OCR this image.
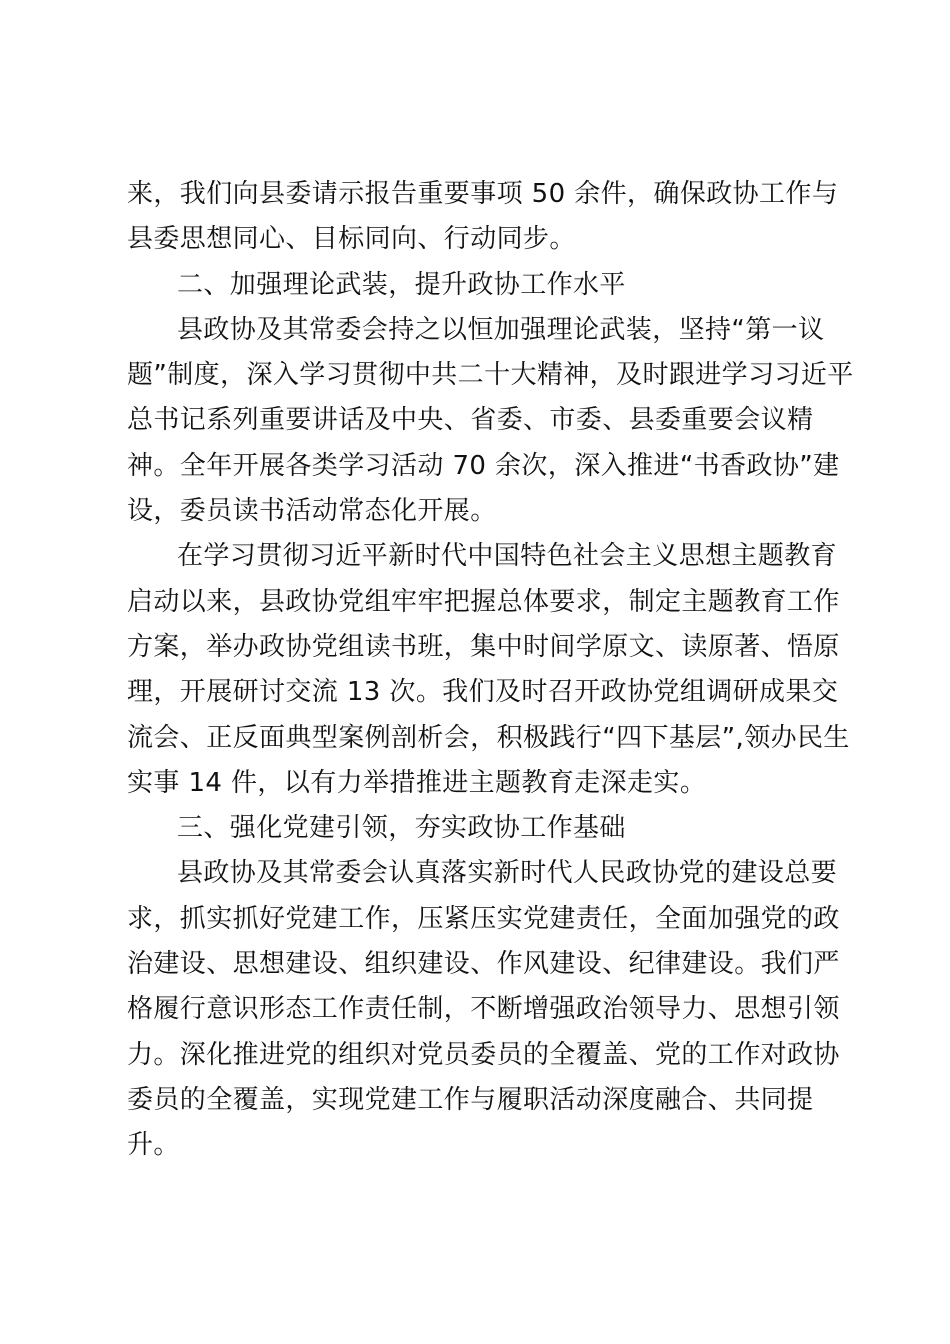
来，我们向县委请示报告重要事项 50 余件，确保政协工作与
县委思想同心、目标同向、行动同步。

二、加强理论武装，提升政协工作水平

县政协及其常委会持之以恒加强理论武装，坚持“第一议
题”制度，深入学习贯彻中共二十大精神，及时跟进学习习近平
总书记系列重要讲话及中央、省委、市委、县委重要会议精
神。全年开展各类学习活动 70 余次，深入推进“书香政协”建
设，委员读书活动常态化开展。

在学习贯彻习近平新时代中国特色社会主义思想主题教育
启动以来，县政协党组牢牢把握总体要求，制定主题教育工作
方案，举办政协党组读书班，集中时间学原文、读原著、悟原
理，开展研讨交流 13 次。我们及时召开政协党组调研成果交
流会、正反面典型案例剖析会，积极践行“四下基层”,领办民生
实事 14 件，以有力举措推进主题教育走深走实。

三、强化党建引领，夯实政协工作基础

县政协及其常委会认真落实新时代人民政协党的建设总要
求，抓实抓好党建工作，压紧压实党建责任，全面加强党的政
治建设、思想建设、组织建设、作风建设、纪律建设。我们严
格履行意识形态工作责任制，不断增强政治领导力、思想引领
力。深化推进党的组织对党员委员的全覆盖、党的工作对政协
委员的全覆盖，实现党建工作与履职活动深度融合、共同提
升。
